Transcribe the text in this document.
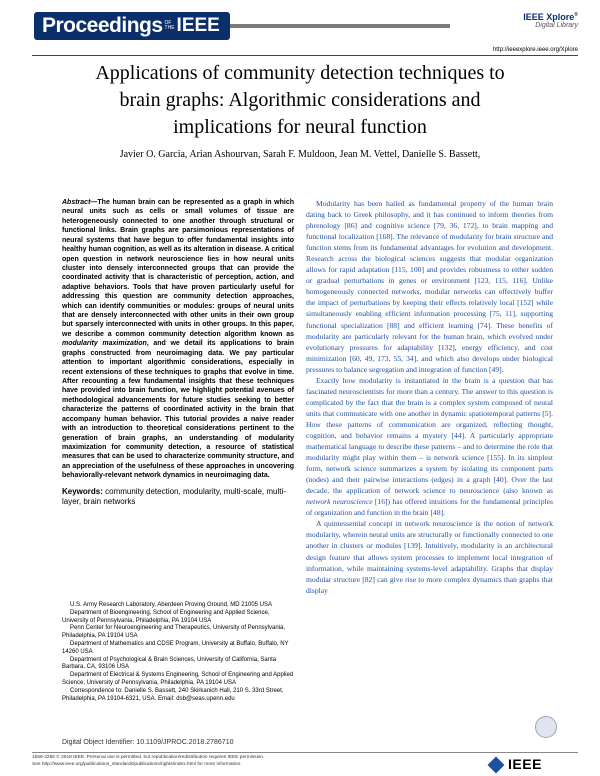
Proceedings OF THE IEEE	IEEE Xplore®
Digital Library
http://ieeexplore.ieee.org/Xplore
Applications of community detection techniques to
brain graphs: Algorithmic considerations and
implications for neural function
Javier O. Garcia, Arian Ashourvan, Sarah F. Muldoon, Jean M. Vettel, Danielle S. Bassett,
Abstract—The human brain can be represented as a graph in which neural units such as cells or small volumes of tissue are heterogeneously connected to one another through structural or functional links. Brain graphs are parsimonious representations of neural systems that have begun to offer fundamental insights into healthy human cognition, as well as its alteration in disease. A critical open question in network neuroscience lies in how neural units cluster into densely interconnected groups that can provide the coordinated activity that is characteristic of perception, action, and adaptive behaviors. Tools that have proven particularly useful for addressing this question are community detection approaches, which can identify communities or modules: groups of neural units that are densely interconnected with other units in their own group but sparsely interconnected with units in other groups. In this paper, we describe a common community detection algorithm known as modularity maximization, and we detail its applications to brain graphs constructed from neuroimaging data. We pay particular attention to important algorithmic considerations, especially in recent extensions of these techniques to graphs that evolve in time. After recounting a few fundamental insights that these techniques have provided into brain function, we highlight potential avenues of methodological advancements for future studies seeking to better characterize the patterns of coordinated activity in the brain that accompany human behavior. This tutorial provides a naive reader with an introduction to theoretical considerations pertinent to the generation of brain graphs, an understanding of modularity maximization for community detection, a resource of statistical measures that can be used to characterize community structure, and an appreciation of the usefulness of these approaches in uncovering behaviorally-relevant network dynamics in neuroimaging data.
Keywords: community detection, modularity, multi-scale, multi-layer, brain networks
U.S. Army Research Laboratory, Aberdeen Proving Ground, MD 21005 USA
Department of Bioengineering, School of Engineering and Applied Science, University of Pennsylvania, Philadelphia, PA 19104 USA
Penn Center for Neuroengineering and Therapeutics, University of Pennsylvania, Philadelphia, PA 19104 USA
Department of Mathematics and CDSE Program, University at Buffalo, Buffalo, NY 14260 USA
Department of Psychological & Brain Sciences, University of California, Santa Barbara, CA, 93106 USA
Department of Electrical & Systems Engineering, School of Engineering and Applied Science, University of Pennsylvania, Philadelphia, PA 19104 USA
Correspondence to: Danielle S. Bassett, 240 Skirkanich Hall, 210 S. 33rd Street, Philadelphia, PA 19104-6321, USA. Email: dsb@seas.upenn.edu
Digital Object Identifier: 10.1109/JPROC.2018.2786710

Modularity has been hailed as fundamental property of the human brain dating back to Greek philosophy, and it has continued to inform theories from phrenology [86] and cognitive science [79, 36, 172], to brain mapping and functional localization [168]. The relevance of modularity for brain structure and function stems from its fundamental advantages for evolution and development. Research across the biological sciences suggests that modular organization allows for rapid adaptation [115, 100] and provides robustness to either sudden or gradual perturbations in genes or environment [123, 115, 116]. Unlike homogeneously connected networks, modular networks can effectively buffer the impact of perturbations by keeping their effects relatively local [152] while simultaneously enabling efficient information processing [75, 11], supporting functional specialization [88] and efficient learning [74]. These benefits of modularity are particularly relevant for the human brain, which evolved under evolutionary pressures for adaptability [132], energy efficiency, and cost minimization [60, 49, 173, 55, 34], and which also develops under biological pressures to balance segregation and integration of function [49].

Exactly how modularity is instantiated in the brain is a question that has fascinated neuroscientists for more than a century. The answer to this question is complicated by the fact that the brain is a complex system composed of neural units that communicate with one another in dynamic spatiotemporal patterns [5]. How these patterns of communication are organized, reflecting thought, cognition, and behavior remains a mystery [44]. A particularly appropriate mathematical language to describe these patterns – and to determine the role that modularity might play within them – is network science [155]. In its simplest form, network science summarizes a system by isolating its component parts (nodes) and their pairwise interactions (edges) in a graph [40]. Over the last decade, the application of network science to neuroscience (also known as network neuroscience [16]) has offered intuitions for the fundamental principles of organization and function in the brain [48].

A quintessential concept in network neuroscience is the notion of network modularity, wherein neural units are structurally or functionally connected to one another in clusters or modules [139]. Intuitively, modularity is an architectural design feature that allows system processes to implement local integration of information, while maintaining systems-level adaptability. Graphs that display modular structure [82] can give rise to more complex dynamics than graphs that display

1558-2256 © 2018 IEEE. Personal use is permitted, but republication/redistribution requires IEEE permission.
See http://www.ieee.org/publications_standards/publications/rights/index.html for more information.	IEEE
